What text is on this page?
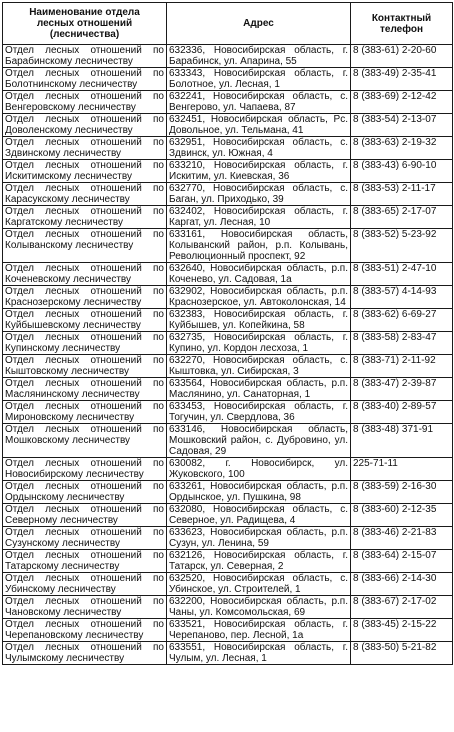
Наименование отдела
лесных отношений
(лесничества)	Адрес	Контактный
телефон
Отдел лесных отношений по Барабинскому лесничеству	632336, Новосибирская область, г. Барабинск, ул. Апарина, 55	8 (383-61) 2-20-60
Отдел лесных отношений по Болотнинскому лесничеству	633343, Новосибирская область, г. Болотное, ул. Лесная, 1	8 (383-49) 2-35-41
Отдел лесных отношений по Венгеровскому лесничеству	632241, Новосибирская область, с. Венгерово, ул. Чапаева, 87	8 (383-69) 2-12-42
Отдел лесных отношений по Доволенскому лесничеству	632451, Новосибирская область, Рс. Довольное, ул. Тельмана, 41	8 (383-54) 2-13-07
Отдел лесных отношений по Здвинскому лесничеству	632951, Новосибирская область, с. Здвинск, ул. Южная, 4	8 (383-63) 2-19-32
Отдел лесных отношений по Искитимскому лесничеству	633210, Новосибирская область, г. Искитим, ул. Киевская, 36	8 (383-43) 6-90-10
Отдел лесных отношений по Карасукскому лесничеству	632770, Новосибирская область, с. Баган, ул. Приходько, 39	8 (383-53) 2-11-17
Отдел лесных отношений по Каргатскому лесничеству	632402, Новосибирская область, г. Каргат, ул. Лесная, 10	8 (383-65) 2-17-07
Отдел лесных отношений по Колыванскому лесничеству	633161, Новосибирская область, Колыванский район, р.п. Колывань, Революционный проспект, 92	8 (383-52) 5-23-92
Отдел лесных отношений по Коченевскому лесничеству	632640, Новосибирская область, р.п. Коченево, ул. Садовая, 1а	8 (383-51) 2-47-10
Отдел лесных отношений по Краснозерскому лесничеству	632902, Новосибирская область, р.п. Краснозерское, ул. Автоколонская, 14	8 (383-57) 4-14-93
Отдел лесных отношений по Куйбышевскому лесничеству	632383, Новосибирская область, г. Куйбышев, ул. Копейкина, 58	8 (383-62) 6-69-27
Отдел лесных отношений по Купинскому лесничеству	632735, Новосибирская область, г. Купино, ул. Кордон лесхоза, 1	8 (383-58) 2-83-47
Отдел лесных отношений по Кыштовскому лесничеству	632270, Новосибирская область, с. Кыштовка, ул. Сибирская, 3	8 (383-71) 2-11-92
Отдел лесных отношений по Маслянинскому лесничеству	633564, Новосибирская область, р.п. Маслянино, ул. Санаторная, 1	8 (383-47) 2-39-87
Отдел лесных отношений по Мироновскому лесничеству	633453, Новосибирская область, г. Тогучин, ул. Свердлова, 36	8 (383-40) 2-89-57
Отдел лесных отношений по Мошковскому лесничеству	633146, Новосибирская область, Мошковский район, с. Дубровино, ул. Садовая, 29	8 (383-48) 371-91
Отдел лесных отношений по Новосибирскому лесничеству	630082, г. Новосибирск, ул. Жуковского, 100	225-71-11
Отдел лесных отношений по Ордынскому лесничеству	633261, Новосибирская область, р.п. Ордынское, ул. Пушкина, 98	8 (383-59) 2-16-30
Отдел лесных отношений по Северному лесничеству	632080, Новосибирская область, с. Северное, ул. Радищева, 4	8 (383-60) 2-12-35
Отдел лесных отношений по Сузунскому лесничеству	633623, Новосибирская область, р.п. Сузун, ул. Ленина, 59	8 (383-46) 2-21-83
Отдел лесных отношений по Татарскому лесничеству	632126, Новосибирская область, г. Татарск, ул. Северная, 2	8 (383-64) 2-15-07
Отдел лесных отношений по Убинскому лесничеству	632520, Новосибирская область, с. Убинское, ул. Строителей, 1	8 (383-66) 2-14-30
Отдел лесных отношений по Чановскому лесничеству	632200, Новосибирская область, р.п. Чаны, ул. Комсомольская, 69	8 (383-67) 2-17-02
Отдел лесных отношений по Черепановскому лесничеству	633521, Новосибирская область, г. Черепаново, пер. Лесной, 1а	8 (383-45) 2-15-22
Отдел лесных отношений по Чулымскому лесничеству	633551, Новосибирская область, г. Чулым, ул. Лесная, 1	8 (383-50) 5-21-82
